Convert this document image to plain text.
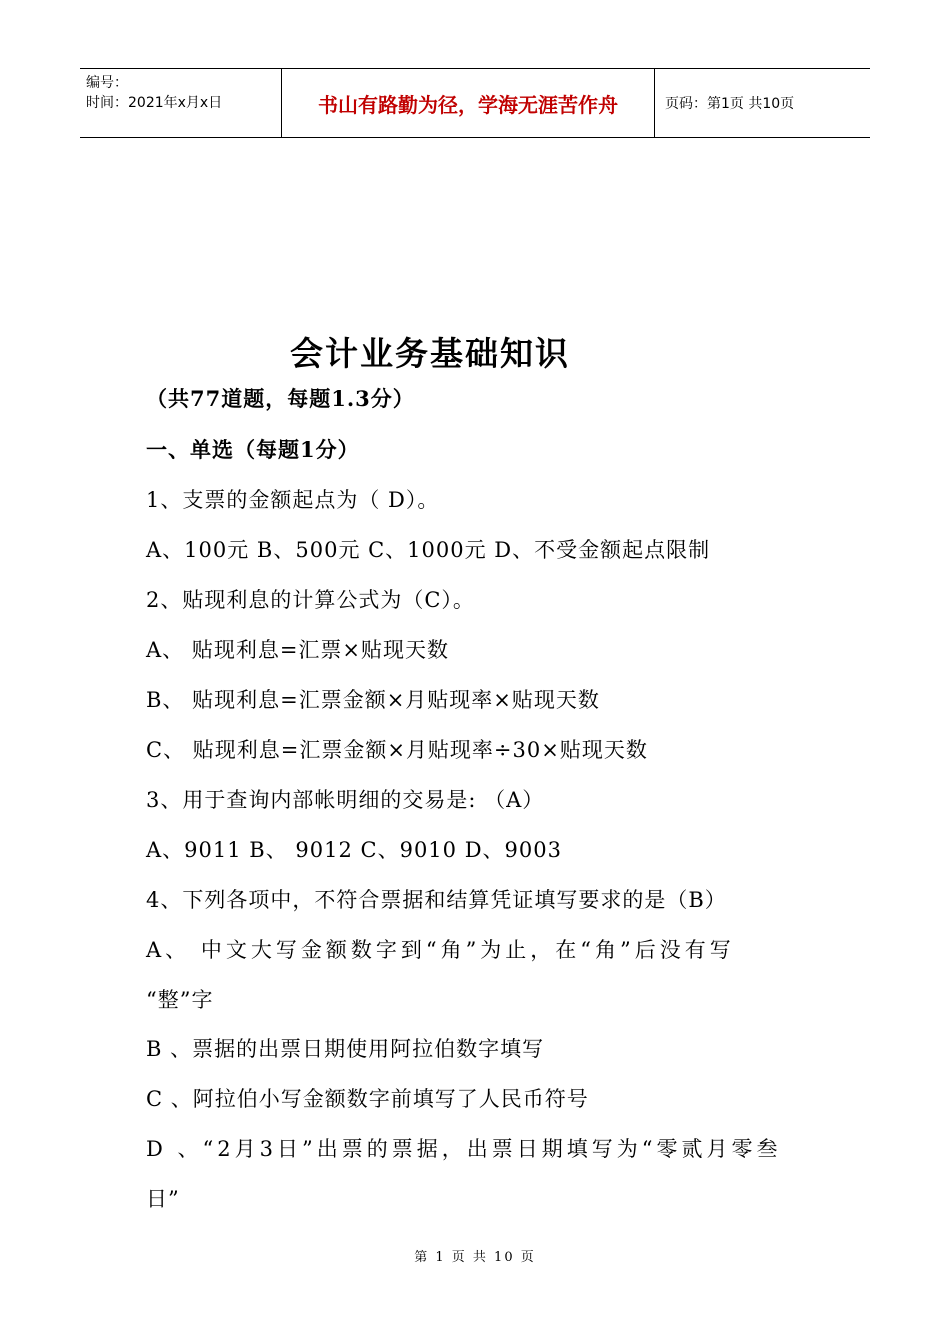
编号：
时间：2021年x月x日	书山有路勤为径，学海无涯苦作舟	页码：第1页 共10页
会计业务基础知识
（共77道题，每题1.3分）
一、单选（每题1分）
1、支票的金额起点为（ D）。
A、100元 B、500元 C、1000元 D、不受金额起点限制
2、贴现利息的计算公式为（C）。
A、 贴现利息=汇票×贴现天数
B、 贴现利息=汇票金额×月贴现率×贴现天数
C、 贴现利息=汇票金额×月贴现率÷30×贴现天数
3、用于查询内部帐明细的交易是: （A）
A、9011 B、 9012 C、9010 D、9003
4、下列各项中，不符合票据和结算凭证填写要求的是（B）
A、 中文大写金额数字到“角”为止，在“角”后没有写
“整”字
B 、票据的出票日期使用阿拉伯数字填写
C 、阿拉伯小写金额数字前填写了人民币符号
D 、“2月3日”出票的票据，出票日期填写为“零贰月零叁
日”
第 1 页 共 10 页
